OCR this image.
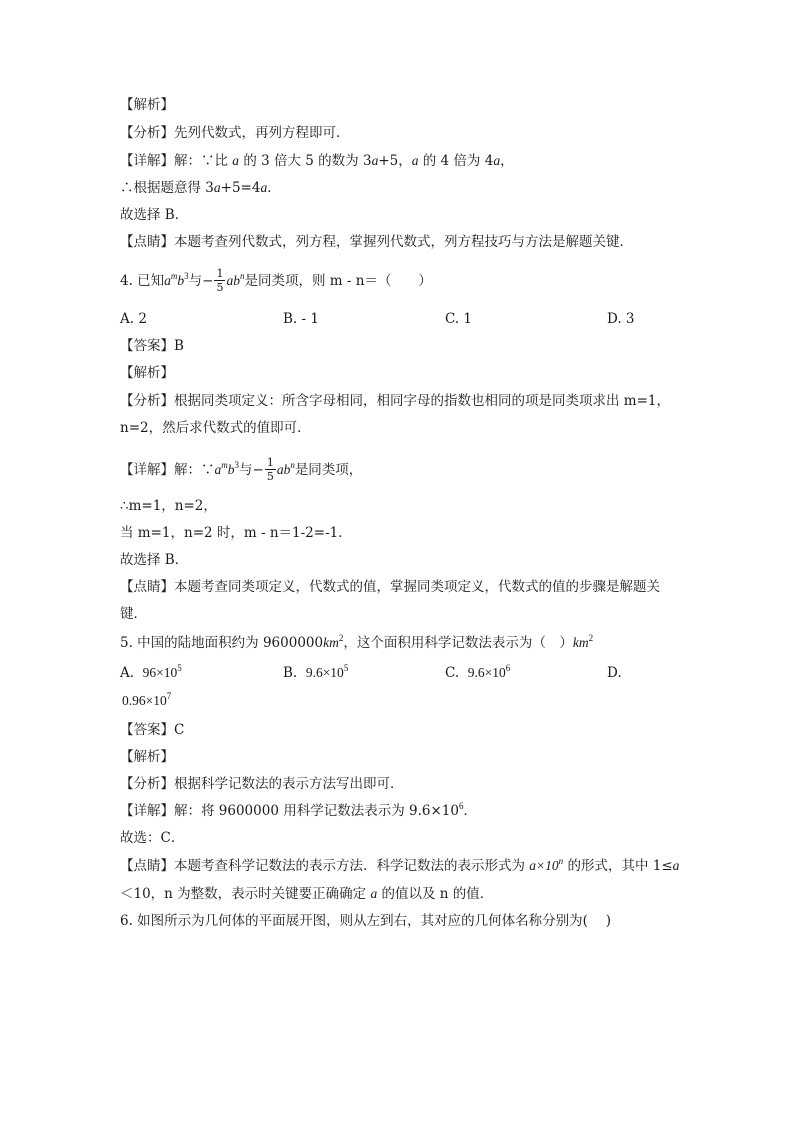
【解析】
【分析】先列代数式，再列方程即可．
【详解】解：∵比 a 的 3 倍大 5 的数为 3a+5，a 的 4 倍为 4a，
∴根据题意得 3a+5=4a．
故选择 B．
【点睛】本题考查列代数式，列方程，掌握列代数式，列方程技巧与方法是解题关键．
4. 已知$a^mb^3$与− $\frac{1}{5} ab^n$是同类项，则 m - n＝（　　）
A. 2	B. - 1	C. 1	D. 3
【答案】B
【解析】
【分析】根据同类项定义：所含字母相同，相同字母的指数也相同的项是同类项求出 m=1，
n=2，然后求代数式的值即可．
【详解】解：$\because a^mb^3$与− $\frac{1}{5} ab^n$是同类项，
∴m=1，n=2，
当 m=1，n=2 时，m - n＝1-2=-1．
故选择 B．
【点睛】本题考查同类项定义，代数式的值，掌握同类项定义，代数式的值的步骤是解题关
键．
5. 中国的陆地面积约为 $9600000km^2$，这个面积用科学记数法表示为（　）$km^2$
A. $96\times 10^5$	B. $9.6\times 10^5$	C. $9.6\times 10^6$	D.
$0.96\times 10^7$
【答案】C
【解析】
【分析】根据科学记数法的表示方法写出即可．
【详解】解：将 9600000 用科学记数法表示为 $9.6\times 10^6$．
故选：C．
【点睛】本题考查科学记数法的表示方法．科学记数法的表示形式为 $a\times 10^n$ 的形式，其中 1≤a
＜10，n 为整数，表示时关键要正确确定 a 的值以及 n 的值．
6. 如图所示为几何体的平面展开图，则从左到右，其对应的几何体名称分别为(　 )
